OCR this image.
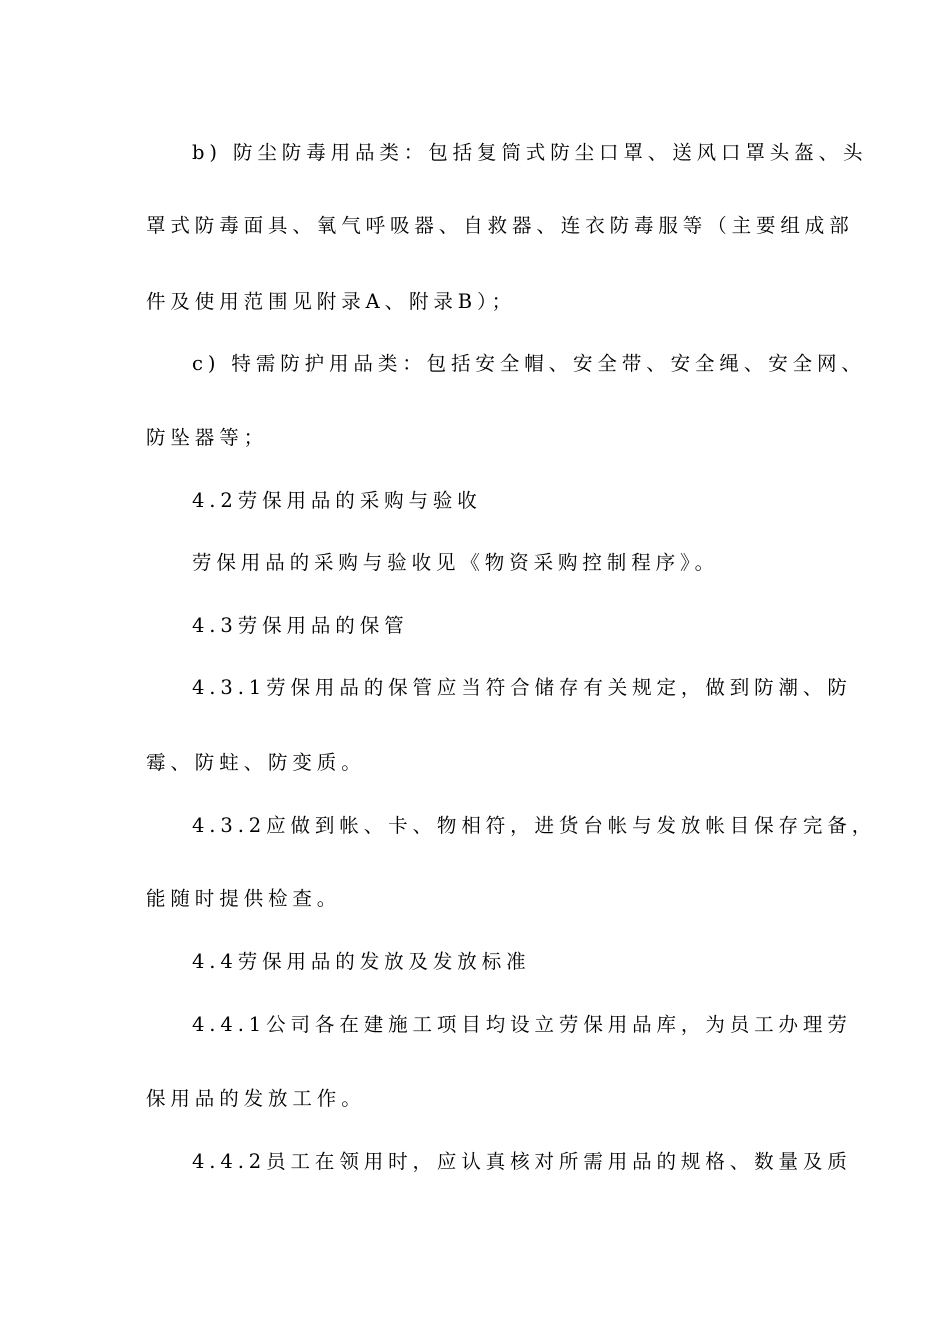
b) 防尘防毒用品类：包括复筒式防尘口罩、送风口罩头盔、头
罩式防毒面具、氧气呼吸器、自救器、连衣防毒服等（主要组成部
件及使用范围见附录A、附录B）；
c) 特需防护用品类：包括安全帽、安全带、安全绳、安全网、
防坠器等；
4.2劳保用品的采购与验收
劳保用品的采购与验收见《物资采购控制程序》。
4.3劳保用品的保管
4.3.1劳保用品的保管应当符合储存有关规定，做到防潮、防
霉、防蛀、防变质。
4.3.2应做到帐、卡、物相符，进货台帐与发放帐目保存完备，
能随时提供检查。
4.4劳保用品的发放及发放标准
4.4.1公司各在建施工项目均设立劳保用品库，为员工办理劳
保用品的发放工作。
4.4.2员工在领用时，应认真核对所需用品的规格、数量及质
